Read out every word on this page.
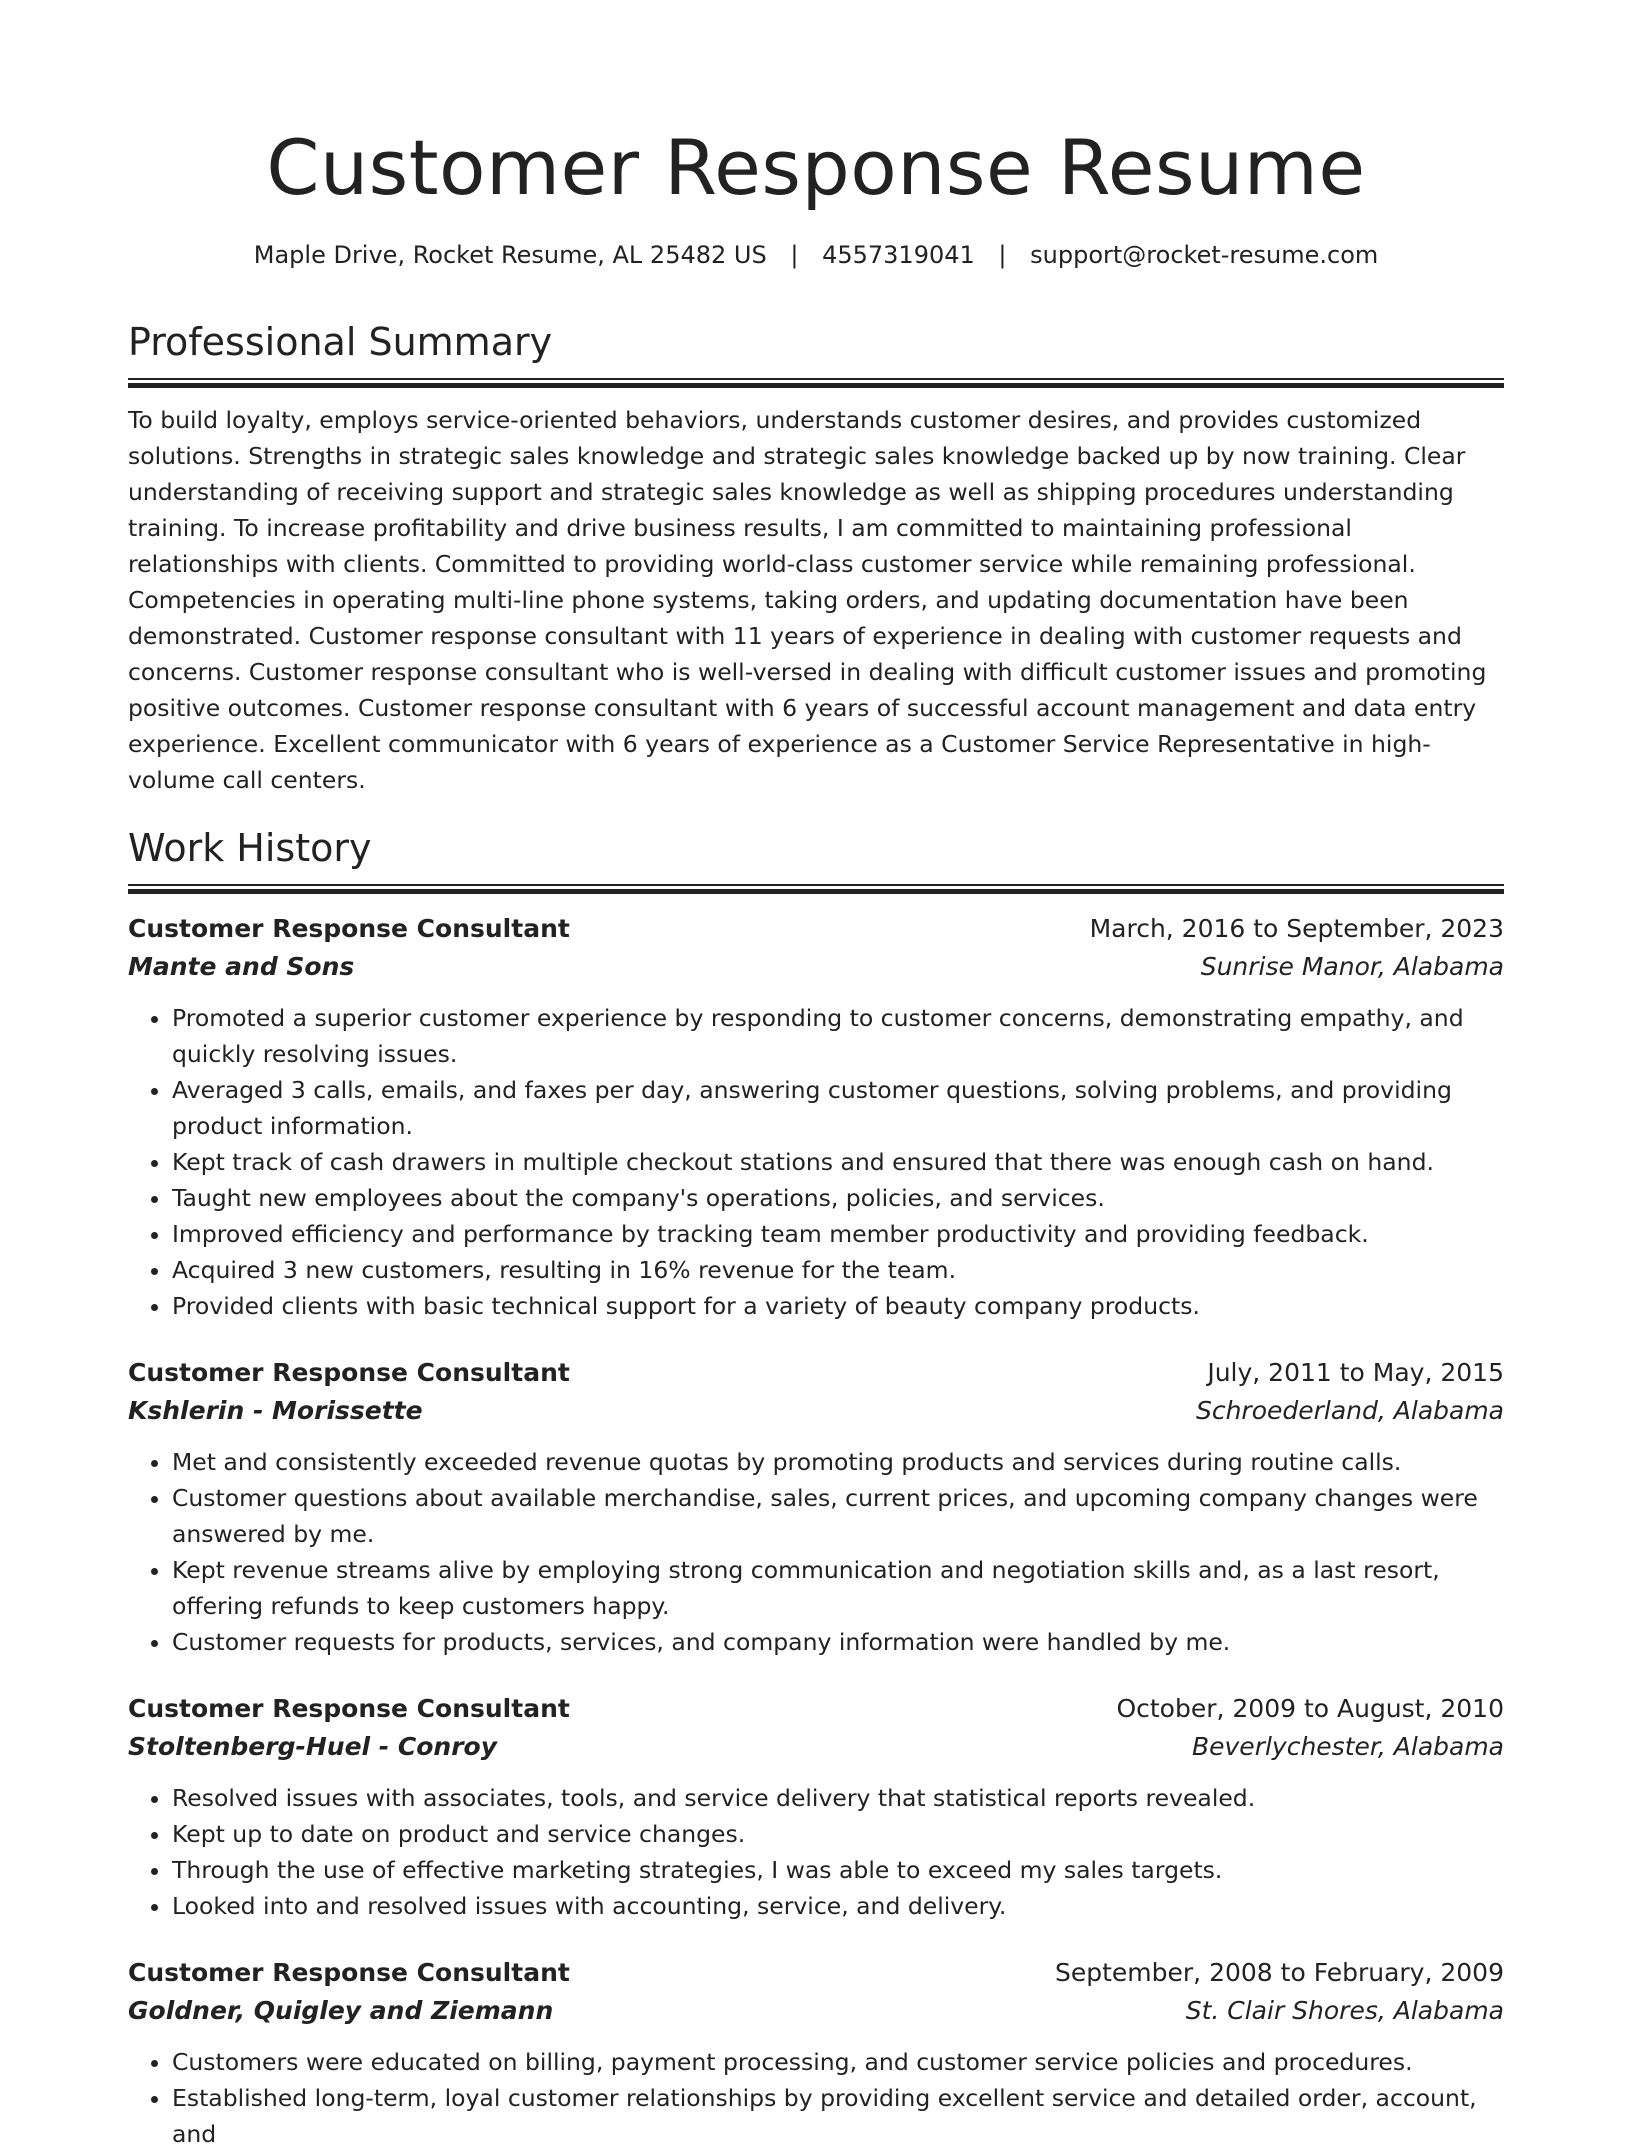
Customer Response Resume
Maple Drive, Rocket Resume, AL 25482 US | 4557319041 | support@rocket-resume.com
Professional Summary

To build loyalty, employs service-oriented behaviors, understands customer desires, and provides customized solutions. Strengths in strategic sales knowledge and strategic sales knowledge backed up by now training. Clear understanding of receiving support and strategic sales knowledge as well as shipping procedures understanding training. To increase profitability and drive business results, I am committed to maintaining professional relationships with clients. Committed to providing world-class customer service while remaining professional. Competencies in operating multi-line phone systems, taking orders, and updating documentation have been demonstrated. Customer response consultant with 11 years of experience in dealing with customer requests and concerns. Customer response consultant who is well-versed in dealing with difficult customer issues and promoting positive outcomes. Customer response consultant with 6 years of successful account management and data entry experience. Excellent communicator with 6 years of experience as a Customer Service Representative in high-volume call centers.

Work History
Customer Response Consultant	March, 2016 to September, 2023
Mante and Sons	Sunrise Manor, Alabama
• Promoted a superior customer experience by responding to customer concerns, demonstrating empathy, and quickly resolving issues.
• Averaged 3 calls, emails, and faxes per day, answering customer questions, solving problems, and providing product information.
• Kept track of cash drawers in multiple checkout stations and ensured that there was enough cash on hand.
• Taught new employees about the company's operations, policies, and services.
• Improved efficiency and performance by tracking team member productivity and providing feedback.
• Acquired 3 new customers, resulting in 16% revenue for the team.
• Provided clients with basic technical support for a variety of beauty company products.
Customer Response Consultant	July, 2011 to May, 2015
Kshlerin - Morissette	Schroederland, Alabama
• Met and consistently exceeded revenue quotas by promoting products and services during routine calls.
• Customer questions about available merchandise, sales, current prices, and upcoming company changes were answered by me.
• Kept revenue streams alive by employing strong communication and negotiation skills and, as a last resort, offering refunds to keep customers happy.
• Customer requests for products, services, and company information were handled by me.
Customer Response Consultant	October, 2009 to August, 2010
Stoltenberg-Huel - Conroy	Beverlychester, Alabama
• Resolved issues with associates, tools, and service delivery that statistical reports revealed.
• Kept up to date on product and service changes.
• Through the use of effective marketing strategies, I was able to exceed my sales targets.
• Looked into and resolved issues with accounting, service, and delivery.
Customer Response Consultant	September, 2008 to February, 2009
Goldner, Quigley and Ziemann	St. Clair Shores, Alabama
• Customers were educated on billing, payment processing, and customer service policies and procedures.
• Established long-term, loyal customer relationships by providing excellent service and detailed order, account, and
